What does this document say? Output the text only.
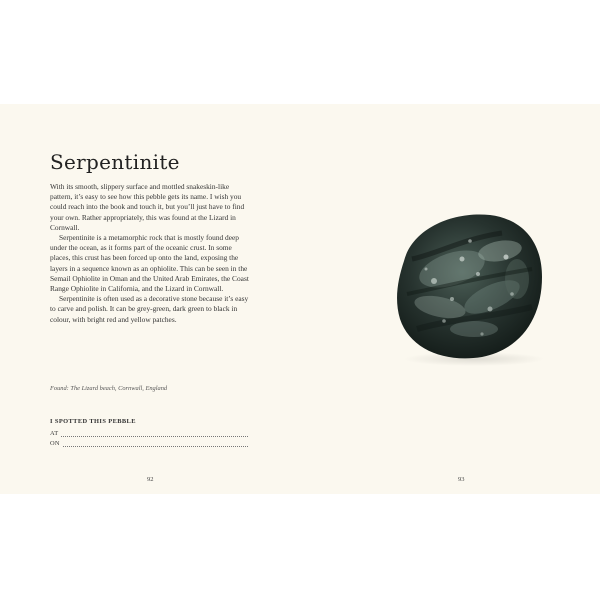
Serpentinite

With its smooth, slippery surface and mottled snakeskin-like pattern, it’s easy to see how this pebble gets its name. I wish you could reach into the book and touch it, but you’ll just have to find your own. Rather appropriately, this was found at the Lizard in Cornwall.

Serpentinite is a metamorphic rock that is mostly found deep under the ocean, as it forms part of the oceanic crust. In some places, this crust has been forced up onto the land, exposing the layers in a sequence known as an ophiolite. This can be seen in the Semail Ophiolite in Oman and the United Arab Emirates, the Coast Range Ophiolite in California, and the Lizard in Cornwall.

Serpentinite is often used as a decorative stone because it’s easy to carve and polish. It can be grey-green, dark green to black in colour, with bright red and yellow patches.

Found: The Lizard beach, Cornwall, England
I SPOTTED THIS PEBBLE
AT
ON
92	93
